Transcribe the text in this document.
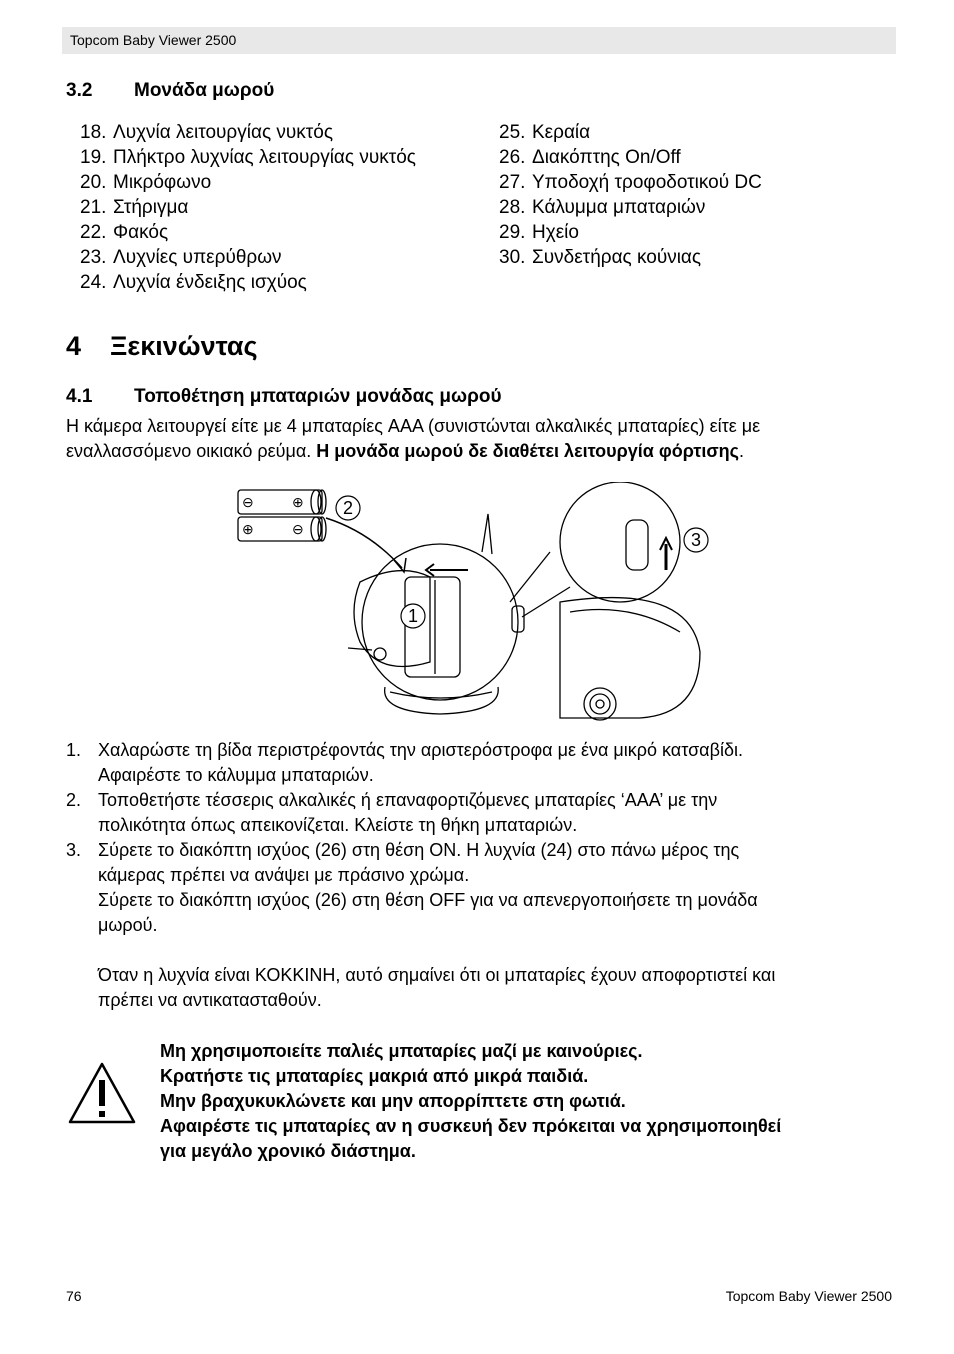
Topcom Baby Viewer 2500
3.2 Μονάδα μωρού
18. Λυχνία λειτουργίας νυκτός
19. Πλήκτρο λυχνίας λειτουργίας νυκτός
20. Μικρόφωνο
21. Στήριγμα
22. Φακός
23. Λυχνίες υπερύθρων
24. Λυχνία ένδειξης ισχύος
25. Κεραία
26. Διακόπτης On/Off
27. Υποδοχή τροφοδοτικού DC
28. Κάλυμμα μπαταριών
29. Ηχείο
30. Συνδετήρας κούνιας
4 Ξεκινώντας
4.1 Τοποθέτηση μπαταριών μονάδας μωρού
Η κάμερα λειτουργεί είτε με 4 μπαταρίες AAA (συνιστώνται αλκαλικές μπαταρίες) είτε με εναλλασσόμενο οικιακό ρεύμα. Η μονάδα μωρού δε διαθέτει λειτουργία φόρτισης.
⊖	⊕
⊕	⊖
2
1
3
1. Χαλαρώστε τη βίδα περιστρέφοντάς την αριστερόστροφα με ένα μικρό κατσαβίδι.
Αφαιρέστε το κάλυμμα μπαταριών.
2. Τοποθετήστε τέσσερις αλκαλικές ή επαναφορτιζόμενες μπαταρίες ‘AAA’ με την
πολικότητα όπως απεικονίζεται. Κλείστε τη θήκη μπαταριών.
3. Σύρετε το διακόπτη ισχύος (26) στη θέση ON. Η λυχνία (24) στο πάνω μέρος της
κάμερας πρέπει να ανάψει με πράσινο χρώμα.
Σύρετε το διακόπτη ισχύος (26) στη θέση OFF για να απενεργοποιήσετε τη μονάδα
μωρού.
Όταν η λυχνία είναι ΚΟΚΚΙΝΗ, αυτό σημαίνει ότι οι μπαταρίες έχουν αποφορτιστεί και
πρέπει να αντικατασταθούν.
Μη χρησιμοποιείτε παλιές μπαταρίες μαζί με καινούριες.
Κρατήστε τις μπαταρίες μακριά από μικρά παιδιά.
Μην βραχυκυκλώνετε και μην απορρίπτετε στη φωτιά.
Αφαιρέστε τις μπαταρίες αν η συσκευή δεν πρόκειται να χρησιμοποιηθεί
για μεγάλο χρονικό διάστημα.
76	Topcom Baby Viewer 2500
